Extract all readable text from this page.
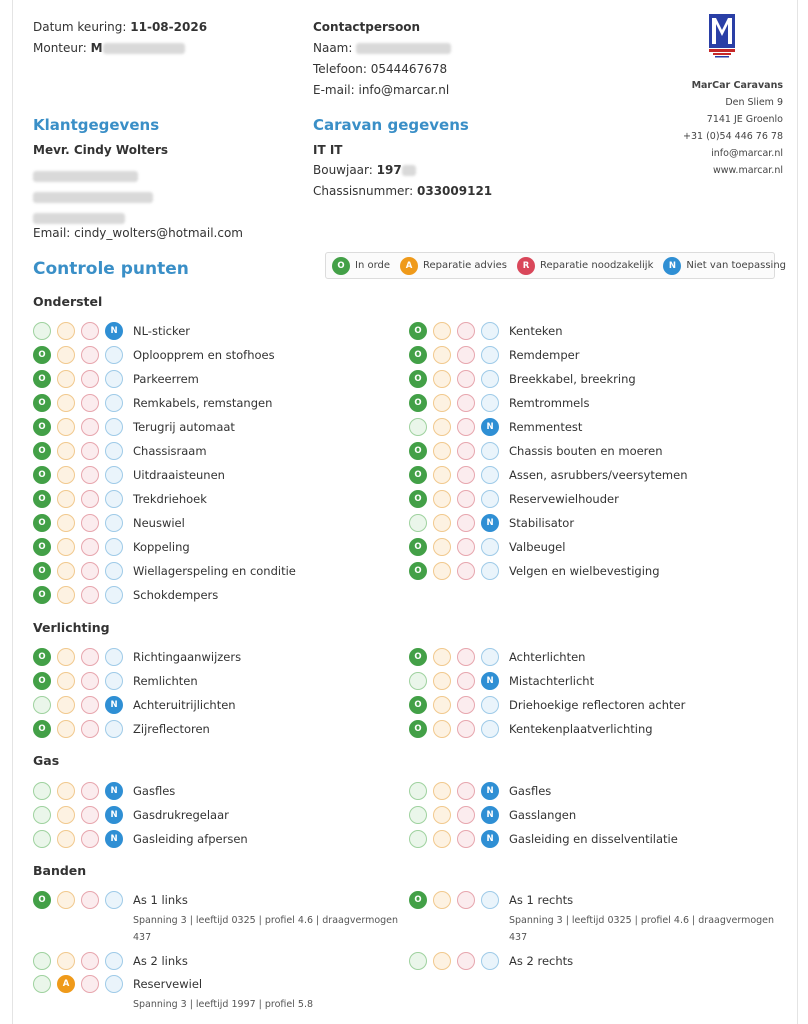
Datum keuring: 11-08-2026
Monteur: M
Contactpersoon
Naam:
Telefoon: 0544467678
E-mail: info@marcar.nl	MarCar Caravans
Den Sliem 9
7141 JE Groenlo
+31 (0)54 446 76 78
info@marcar.nl
www.marcar.nl
Klantgegevens
Mevr. Cindy Wolters
Email: cindy_wolters@hotmail.com
Caravan gegevens
IT IT
Bouwjaar: 197
Chassisnummer: 033009121
Controle punten	O	In orde	A	Reparatie advies	R	Reparatie noodzakelijk	N	Niet van toepassing
Onderstel
N	NL-sticker
O	Oploopprem en stofhoes
O	Parkeerrem
O	Remkabels, remstangen
O	Terugrij automaat
O	Chassisraam
O	Uitdraaisteunen
O	Trekdriehoek
O	Neuswiel
O	Koppeling
O	Wiellagerspeling en conditie
O	Schokdempers
O	Kenteken
O	Remdemper
O	Breekkabel, breekring
O	Remtrommels
N	Remmentest
O	Chassis bouten en moeren
O	Assen, asrubbers/veersytemen
O	Reservewielhouder
N	Stabilisator
O	Valbeugel
O	Velgen en wielbevestiging
Verlichting
O	Richtingaanwijzers
O	Remlichten
N	Achteruitrijlichten
O	Zijreflectoren
O	Achterlichten
N	Mistachterlicht
O	Driehoekige reflectoren achter
O	Kentekenplaatverlichting
Gas
N	Gasfles
N	Gasdrukregelaar
N	Gasleiding afpersen
N	Gasfles
N	Gasslangen
N	Gasleiding en disselventilatie
Banden
O	As 1 links
Spanning 3 | leeftijd 0325 | profiel 4.6 | draagvermogen
437
As 2 links
A	Reservewiel
Spanning 3 | leeftijd 1997 | profiel 5.8
O	As 1 rechts
Spanning 3 | leeftijd 0325 | profiel 4.6 | draagvermogen
437
As 2 rechts
